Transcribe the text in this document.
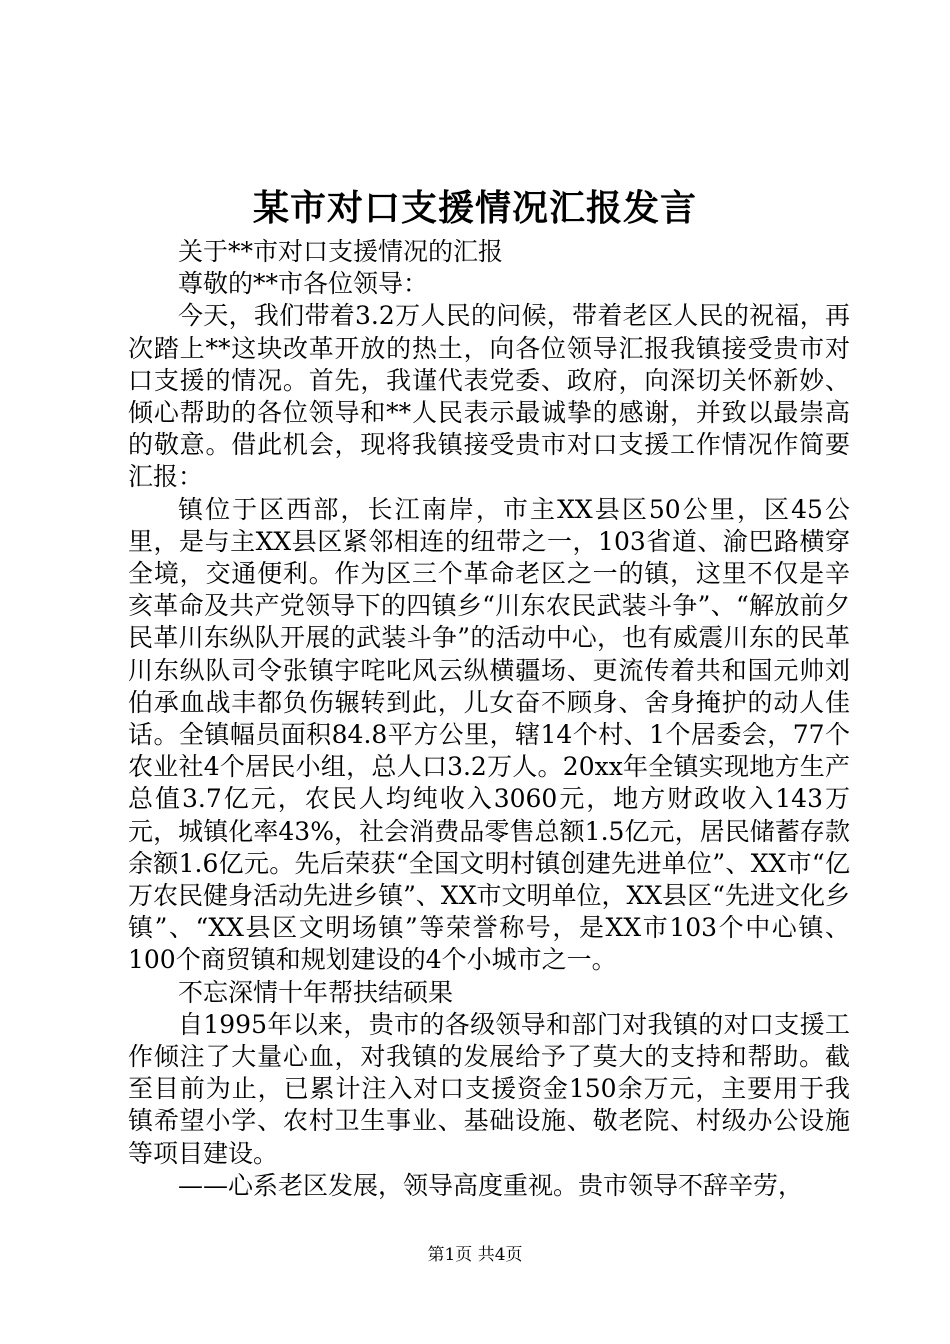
某市对口支援情况汇报发言

关于**市对口支援情况的汇报

尊敬的**市各位领导：

今天，我们带着3.2万人民的问候，带着老区人民的祝福，再次踏上**这块改革开放的热土，向各位领导汇报我镇接受贵市对口支援的情况。首先，我谨代表党委、政府，向深切关怀新妙、倾心帮助的各位领导和**人民表示最诚挚的感谢，并致以最崇高的敬意。借此机会，现将我镇接受贵市对口支援工作情况作简要汇报：

镇位于区西部，长江南岸，市主XX县区50公里，区45公里，是与主XX县区紧邻相连的纽带之一，103省道、渝巴路横穿全境，交通便利。作为区三个革命老区之一的镇，这里不仅是辛亥革命及共产党领导下的四镇乡“川东农民武装斗争”、“解放前夕民革川东纵队开展的武装斗争”的活动中心，也有威震川东的民革川东纵队司令张镇宇咤叱风云纵横疆场、更流传着共和国元帅刘伯承血战丰都负伤辗转到此，儿女奋不顾身、舍身掩护的动人佳话。全镇幅员面积84.8平方公里，辖14个村、1个居委会，77个农业社4个居民小组，总人口3.2万人。20xx年全镇实现地方生产总值3.7亿元，农民人均纯收入3060元，地方财政收入143万元，城镇化率43%，社会消费品零售总额1.5亿元，居民储蓄存款余额1.6亿元。先后荣获“全国文明村镇创建先进单位”、XX市“亿万农民健身活动先进乡镇”、XX市文明单位，XX县区“先进文化乡镇”、“XX县区文明场镇”等荣誉称号，是XX市103个中心镇、100个商贸镇和规划建设的4个小城市之一。

不忘深情十年帮扶结硕果

自1995年以来，贵市的各级领导和部门对我镇的对口支援工作倾注了大量心血，对我镇的发展给予了莫大的支持和帮助。截至目前为止，已累计注入对口支援资金150余万元，主要用于我镇希望小学、农村卫生事业、基础设施、敬老院、村级办公设施等项目建设。

——心系老区发展，领导高度重视。贵市领导不辞辛劳，

第1页 共4页
